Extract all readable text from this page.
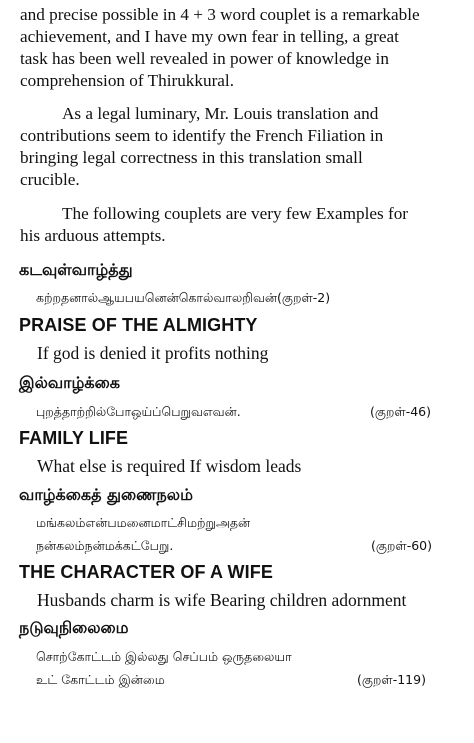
and precise possible in 4 + 3 word couplet is a remarkable
achievement, and I have my own fear in telling, a great
task has been well revealed in power of knowledge in
comprehension of Thirukkural.
As a legal luminary, Mr. Louis translation and
contributions seem to identify the French Filiation in
bringing legal correctness in this translation small
crucible.
The following couplets are very few Examples for
his arduous attempts.
கடவுள்வாழ்த்து
கற்றதனால்ஆயபயனென்கொல்வாலறிவன்(குறள்-2)
PRAISE OF THE ALMIGHTY
If god is denied it profits nothing
இல்வாழ்க்கை
புறத்தாற்றில்போஒய்ப்பெறுவஎவன்.	(குறள்-46)
FAMILY LIFE
What else is required If wisdom leads
வாழ்க்கைத் துணைநலம்
மங்கலம்என்பமனைமாட்சிமற்றுஅதன்
நன்கலம்நன்மக்கட்பேறு.	(குறள்-60)
THE CHARACTER OF A WIFE
Husbands charm is wife Bearing children adornment
நடுவுநிலைமை
சொற்கோட்டம் இல்லது செப்பம் ஒருதலையா
உட் கோட்டம் இன்மை	(குறள்-119)
